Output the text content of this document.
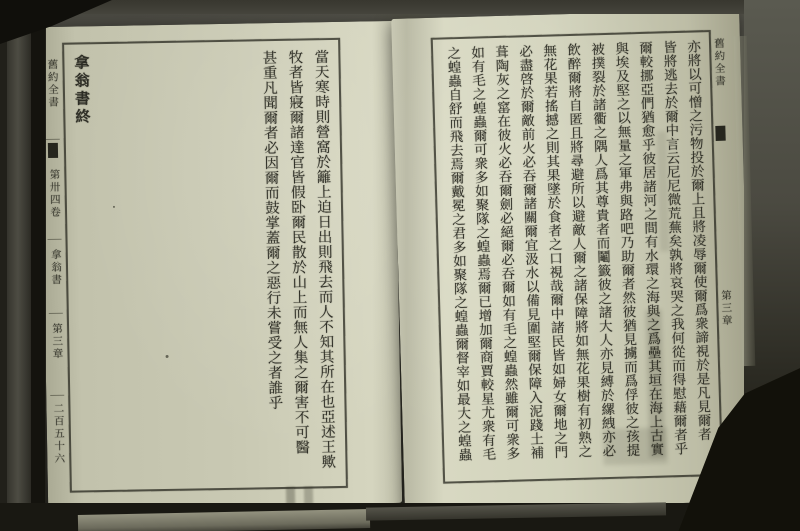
舊約全書
第卅四卷
拿翁書
第三章
二百五十六	當天寒時則營窩於籬上迫日出則飛去而人不知其所在也亞述王歟
牧者皆寢爾諸達官皆假卧爾民散於山上而無人集之爾害不可醫
甚重凡聞爾者必因爾而鼓掌蓋爾之惡行未嘗受之者誰乎
拿翁書終	亦將以可憎之污物投於爾上且將凌辱爾使爾爲衆諦視於是凡見爾者
皆將逃去於爾中言云尼尼微荒蕪矣孰將哀哭之我何從而得慰藉爾者乎
爾較挪亞們猶愈乎彼居諸河之間有水環之海與之爲壘其垣在海上古實
與埃及堅之以無量之軍弗與路吧乃助爾者然彼猶見擄而爲俘彼之孩提
被撲裂於諸衢之隅人爲其尊貴者而鬮籤彼之諸大人亦見縛於縲絏亦必
飲醉爾將自匿且將尋避所以避敵人爾之諸保障將如無花果樹有初熟之
無花果若搖撼之則其果墜於食者之口視哉爾中諸民皆如婦女爾地之門
必盡啓於爾敵前火必吞爾諸關爾宜汲水以備見圍堅爾保障入泥踐土補
葺陶灰之窰在彼火必吞爾劍必絕爾必吞爾如有毛之蝗蟲然雖爾可衆多
如有毛之蝗蟲爾可衆多如聚隊之蝗蟲焉爾已增加爾商賈較星尤衆有毛
之蝗蟲自舒而飛去焉爾戴冕之君多如聚隊之蝗蟲爾督宰如最大之蝗蟲	舊約全書
第三章
